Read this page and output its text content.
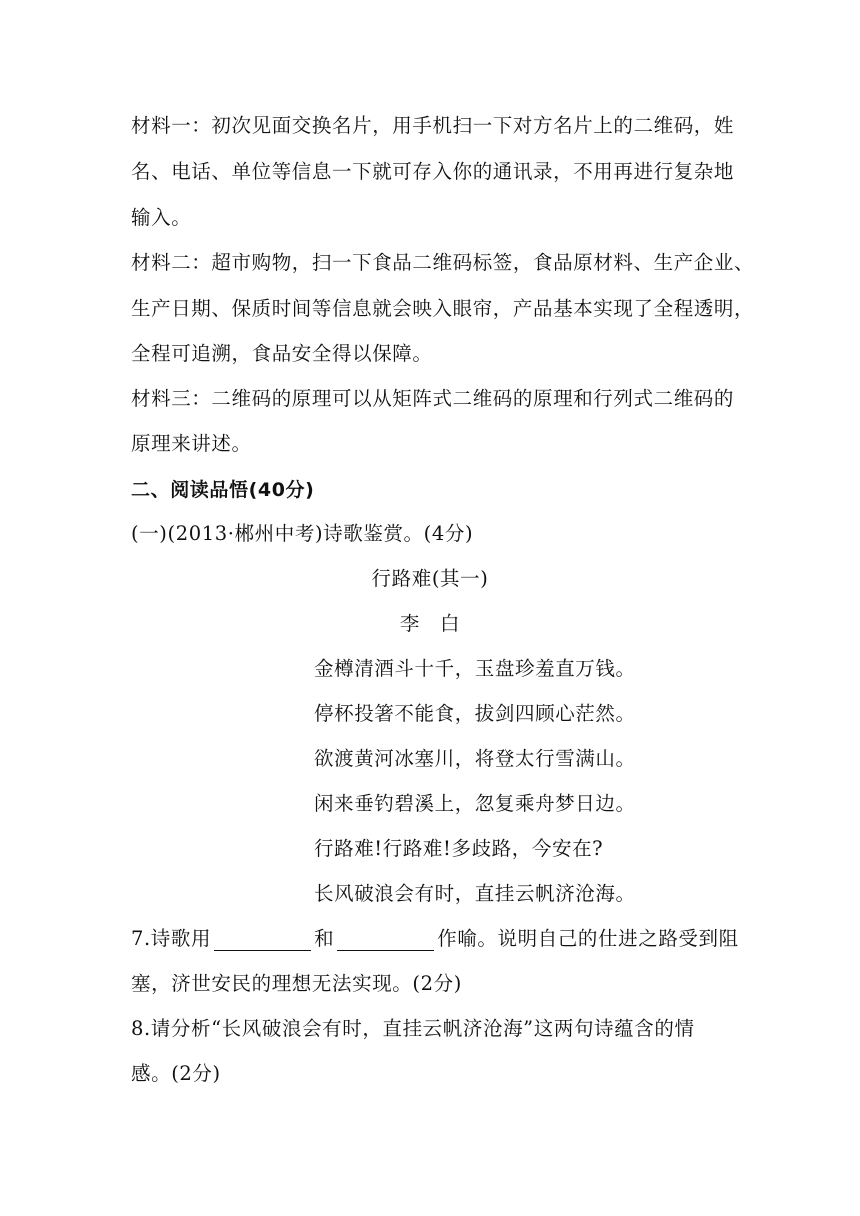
材料一：初次见面交换名片，用手机扫一下对方名片上的二维码，姓
名、电话、单位等信息一下就可存入你的通讯录，不用再进行复杂地
输入。
材料二：超市购物，扫一下食品二维码标签，食品原材料、生产企业、
生产日期、保质时间等信息就会映入眼帘，产品基本实现了全程透明，
全程可追溯，食品安全得以保障。
材料三：二维码的原理可以从矩阵式二维码的原理和行列式二维码的
原理来讲述。
二、阅读品悟(40分)
(一)(2013·郴州中考)诗歌鉴赏。(4分)
行路难(其一)
李　白
金樽清酒斗十千，玉盘珍羞直万钱。
停杯投箸不能食，拔剑四顾心茫然。
欲渡黄河冰塞川，将登太行雪满山。
闲来垂钓碧溪上，忽复乘舟梦日边。
行路难!行路难!多歧路，今安在?
长风破浪会有时，直挂云帆济沧海。
7.诗歌用	和	作喻。说明自己的仕进之路受到阻
塞，济世安民的理想无法实现。(2分)
8.请分析“长风破浪会有时，直挂云帆济沧海”这两句诗蕴含的情
感。(2分)
